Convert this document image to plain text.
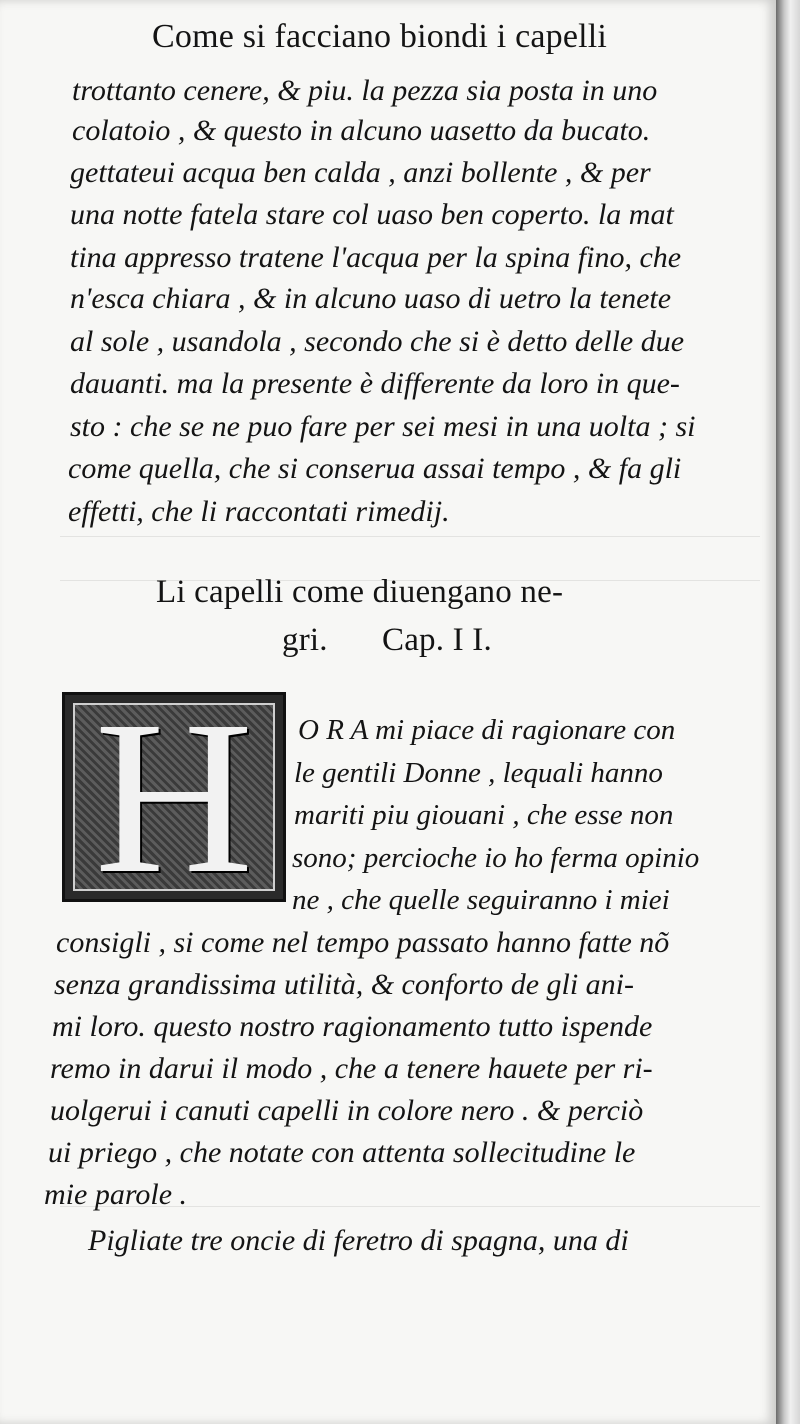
Come si facciano biondi i capelli
trottanto cenere, & piu. la pezza sia posta in uno
colatoio , & questo in alcuno uasetto da bucato.
gettateui acqua ben calda , anzi bollente , & per
una notte fatela stare col uaso ben coperto. la mat
tina appresso tratene l'acqua per la spina fino, che
n'esca chiara , & in alcuno uaso di uetro la tenete
al sole , usandola , secondo che si è detto delle due
dauanti. ma la presente è differente da loro in que-
sto : che se ne puo fare per sei mesi in una uolta ; si
come quella, che si conserua assai tempo , & fa gli
effetti, che li raccontati rimedij.
Li capelli come diuengano ne-
gri. Cap. I I.
H	O R A mi piace di ragionare con
le gentili Donne , lequali hanno
mariti piu giouani , che esse non
sono; percioche io ho ferma opinio
ne , che quelle seguiranno i miei
consigli , si come nel tempo passato hanno fatte nõ
senza grandissima utilità, & conforto de gli ani-
mi loro. questo nostro ragionamento tutto ispende
remo in darui il modo , che a tenere hauete per ri-
uolgerui i canuti capelli in colore nero . & perciò
ui priego , che notate con attenta sollecitudine le
mie parole .
Pigliate tre oncie di feretro di spagna, una di
